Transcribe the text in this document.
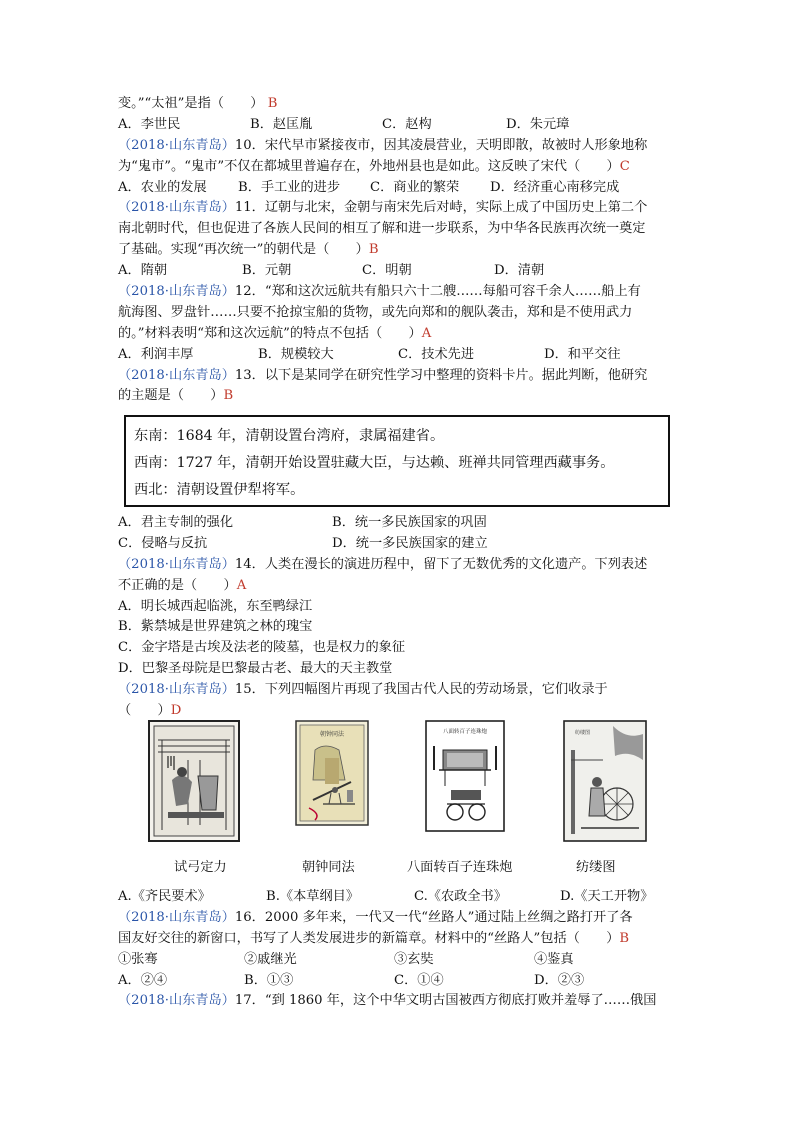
变。”“太祖”是指（　　） B
A．李世民	B．赵匡胤	C．赵构	D．朱元璋
（2018·山东青岛）10．宋代早市紧接夜市，因其凌晨营业，天明即散，故被时人形象地称
为“鬼市”。“鬼市”不仅在都城里普遍存在，外地州县也是如此。这反映了宋代（　　）C
A．农业的发展	B．手工业的进步	C．商业的繁荣	D．经济重心南移完成
（2018·山东青岛）11．辽朝与北宋，金朝与南宋先后对峙，实际上成了中国历史上第二个
南北朝时代，但也促进了各族人民间的相互了解和进一步联系，为中华各民族再次统一奠定
了基础。实现“再次统一”的朝代是（　　）B
A．隋朝	B．元朝	C．明朝	D．清朝
（2018·山东青岛）12．“郑和这次远航共有船只六十二艘……每船可容千余人……船上有
航海图、罗盘针……只要不抢掠宝船的货物，或先向郑和的舰队袭击，郑和是不使用武力
的。”材料表明“郑和这次远航”的特点不包括（　　）A
A．利润丰厚	B．规模较大	C．技术先进	D．和平交往
（2018·山东青岛）13．以下是某同学在研究性学习中整理的资料卡片。据此判断，他研究
的主题是（　　）B
东南：1684 年，清朝设置台湾府，隶属福建省。
西南：1727 年，清朝开始设置驻藏大臣，与达赖、班禅共同管理西藏事务。
西北：清朝设置伊犁将军。
A．君主专制的强化	B．统一多民族国家的巩固
C．侵略与反抗	D．统一多民族国家的建立
（2018·山东青岛）14．人类在漫长的演进历程中，留下了无数优秀的文化遗产。下列表述
不正确的是（　　）A
A．明长城西起临洮，东至鸭绿江
B．紫禁城是世界建筑之林的瑰宝
C．金字塔是古埃及法老的陵墓，也是权力的象征
D．巴黎圣母院是巴黎最古老、最大的天主教堂
（2018·山东青岛）15．下列四幅图片再现了我国古代人民的劳动场景，它们收录于
（　　）D
朝钟同法	八面转百子连珠炮	纺缕图
试弓定力	朝钟同法	八面转百子连珠炮	纺缕图
A.《齐民要术》	B.《本草纲目》	C.《农政全书》	D.《天工开物》
（2018·山东青岛）16．2000 多年来，一代又一代“丝路人”通过陆上丝绸之路打开了各
国友好交往的新窗口，书写了人类发展进步的新篇章。材料中的“丝路人”包括（　　）B
①张骞	②戚继光	③玄奘	④鉴真
A．②④	B．①③	C．①④	D．②③
（2018·山东青岛）17．“到 1860 年，这个中华文明古国被西方彻底打败并羞辱了……俄国
